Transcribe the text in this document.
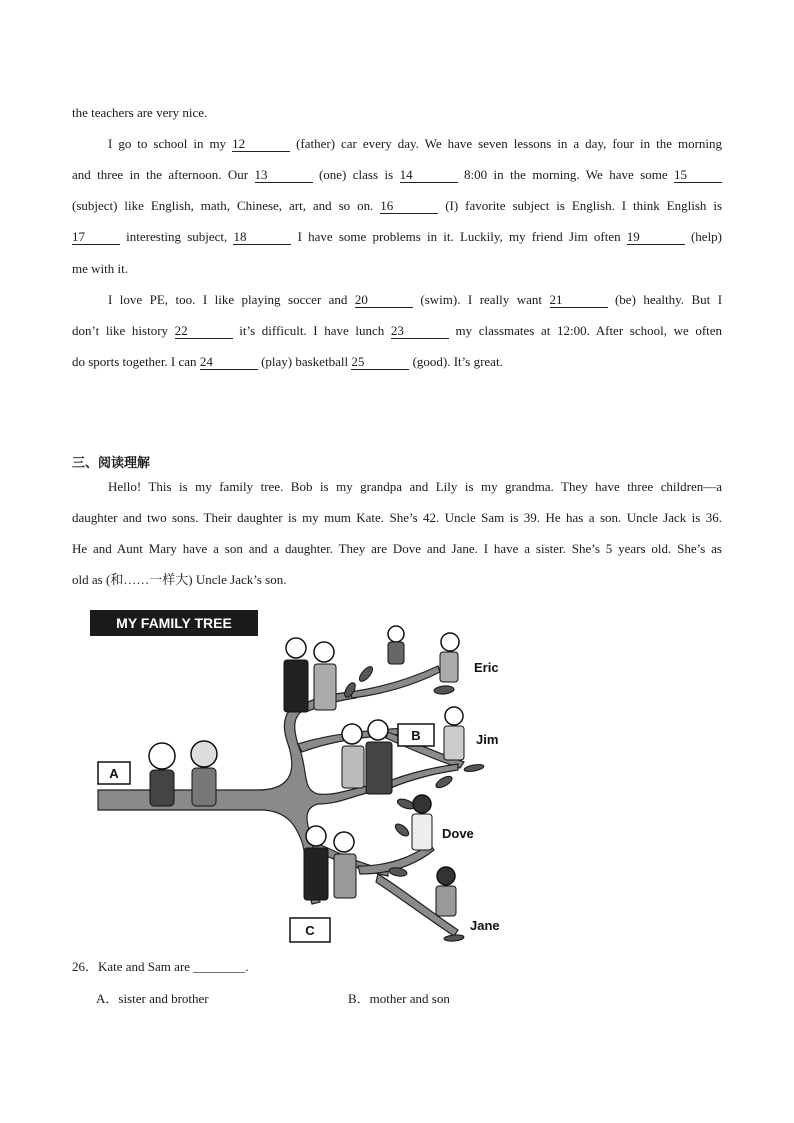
the teachers are very nice.
I go to school in my 12	(father) car every day. We have seven lessons in a day, four in the morning
and three in the afternoon. Our 13	(one) class is 14	8:00 in the morning. We have some 15
(subject) like English, math, Chinese, art, and so on. 16	(I) favorite subject is English. I think English is
17	interesting subject, 18	I have some problems in it. Luckily, my friend Jim often 19	(help)
me with it.
I love PE, too. I like playing soccer and 20	(swim). I really want 21	(be) healthy. But I
don’t like history 22	it’s difficult. I have lunch 23	my classmates at 12:00. After school, we often
do sports together. I can 24	(play) basketball 25	(good). It’s great.
三、阅读理解
Hello! This is my family tree. Bob is my grandpa and Lily is my grandma. They have three children—a
daughter and two sons. Their daughter is my mum Kate. She’s 42. Uncle Sam is 39. He has a son. Uncle Jack is 36.
He and Aunt Mary have a son and a daughter. They are Dove and Jane. I have a sister. She’s 5 years old. She’s as
old as (和……一样大) Uncle Jack’s son.
MY FAMILY TREE
A
B
C
Eric
Jim
Dove
Jane
26．Kate and Sam are ________.
A．sister and brother	B．mother and son
